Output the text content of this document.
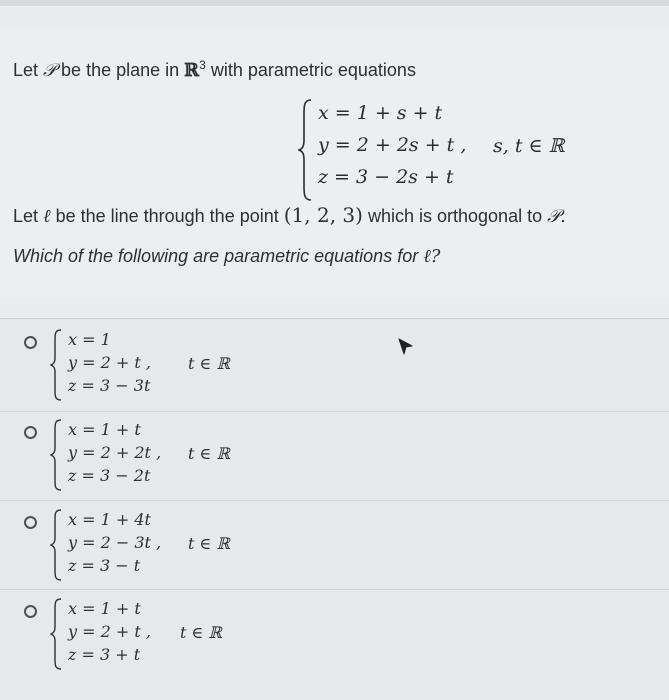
Let 𝒫 be the plane in ℝ$^3$ with parametric equations
x = 1 + s + t
y = 2 + 2s + t ,
z = 3 − 2s + t
s, t ∈ ℝ
Let ℓ be the line through the point (1, 2, 3) which is orthogonal to 𝒫.
Which of the following are parametric equations for ℓ?
x = 1
y = 2 + t ,
z = 3 − 3t
t ∈ ℝ
x = 1 + t
y = 2 + 2t ,
z = 3 − 2t
t ∈ ℝ
x = 1 + 4t
y = 2 − 3t ,
z = 3 − t
t ∈ ℝ
x = 1 + t
y = 2 + t ,
z = 3 + t
t ∈ ℝ
